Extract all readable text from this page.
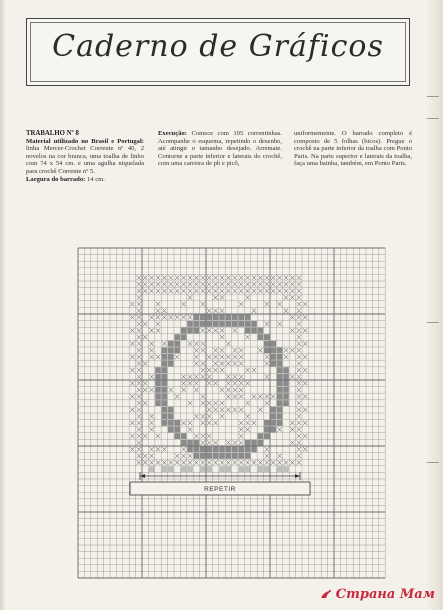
Caderno de Gráficos
TRABALHO Nº 8
Material utilizado no Brasil e Portugal: linha Mercer-Crochet Corrente nº 40, 2 novelos na cor branca, uma toalha de linho com 74 x 54 cm. e uma agulha niquelada para crochê Corrente nº 5.
Largura do barrado: 14 cm.
Execução: Comece com 105 correntinhas. Acompanhe o esquema, repetindo o desenho, até atingir o tamanho desejado. Arremate. Contorne a parte inferior e laterais do crochê, com uma carreira de pb e picô,
uniformemente. O barrado completo é composto de 5 folhas (bicos). Pregue o crochê na parte inferior da toalha com Ponto Paris. Na parte superior e laterais da toalha, faça uma bainha, também, em Ponto Paris.
REPETIR
Страна Мам
